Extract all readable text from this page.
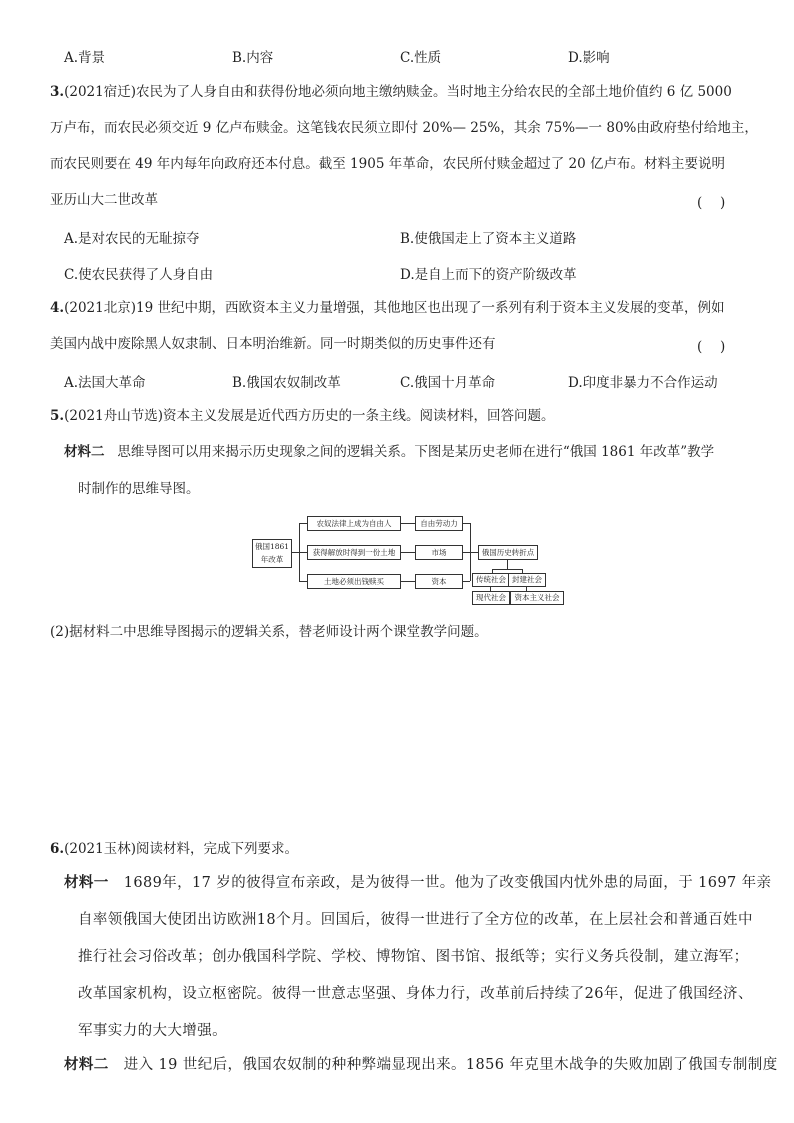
A.背景	B.内容	C.性质	D.影响
3.(2021宿迁)农民为了人身自由和获得份地必须向地主缴纳赎金。当时地主分给农民的全部土地价值约 6 亿 5000
万卢布，而农民必须交近 9 亿卢布赎金。这笔钱农民须立即付 20%— 25%，其余 75%—一 80%由政府垫付给地主，
而农民则要在 49 年内每年向政府还本付息。截至 1905 年革命，农民所付赎金超过了 20 亿卢布。材料主要说明
亚历山大二世改革	(　 )
A.是对农民的无耻掠夺	B.使俄国走上了资本主义道路
C.使农民获得了人身自由	D.是自上而下的资产阶级改革
4.(2021北京)19 世纪中期，西欧资本主义力量增强，其他地区也出现了一系列有利于资本主义发展的变革，例如
美国内战中废除黑人奴隶制、日本明治维新。同一时期类似的历史事件还有	(　 )
A.法国大革命	B.俄国农奴制改革	C.俄国十月革命	D.印度非暴力不合作运动
5.(2021舟山节选)资本主义发展是近代西方历史的一条主线。阅读材料，回答问题。
材料二 思维导图可以用来揭示历史现象之间的逻辑关系。下图是某历史老师在进行“俄国 1861 年改革”教学
时制作的思维导图。
俄国1861
年改革
农奴法律上成为自由人
获得解放时得到一份土地
土地必须出钱赎买
自由劳动力
市场
资本
俄国历史转折点
传统社会 封建社会
现代社会	资本主义社会
(2)据材料二中思维导图揭示的逻辑关系，替老师设计两个课堂教学问题。
6.(2021玉林)阅读材料，完成下列要求。
材料一 1689年，17 岁的彼得宣布亲政，是为彼得一世。他为了改变俄国内忧外患的局面，于 1697 年亲
自率领俄国大使团出访欧洲18个月。回国后，彼得一世进行了全方位的改革，在上层社会和普通百姓中
推行社会习俗改革；创办俄国科学院、学校、博物馆、图书馆、报纸等；实行义务兵役制，建立海军；
改革国家机构，设立枢密院。彼得一世意志坚强、身体力行，改革前后持续了26年，促进了俄国经济、
军事实力的大大增强。
材料二 进入 19 世纪后，俄国农奴制的种种弊端显现出来。1856 年克里木战争的失败加剧了俄国专制制度
